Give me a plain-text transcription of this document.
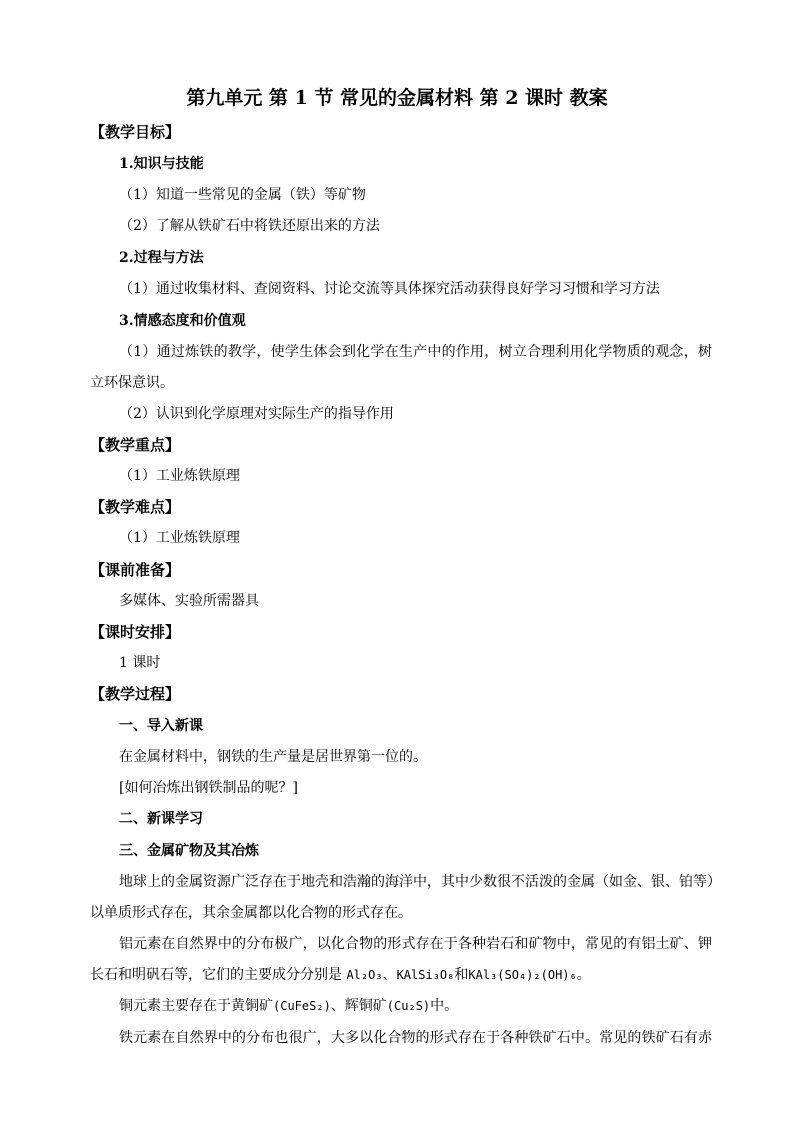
第九单元 第 1 节 常见的金属材料 第 2 课时 教案
【教学目标】
1.知识与技能
（1）知道一些常见的金属（铁）等矿物
（2）了解从铁矿石中将铁还原出来的方法
2.过程与方法
（1）通过收集材料、查阅资料、讨论交流等具体探究活动获得良好学习习惯和学习方法
3.情感态度和价值观
（1）通过炼铁的教学，使学生体会到化学在生产中的作用，树立合理利用化学物质的观念，树
立环保意识。
（2）认识到化学原理对实际生产的指导作用
【教学重点】
（1）工业炼铁原理
【教学难点】
（1）工业炼铁原理
【课前准备】
多媒体、实验所需器具
【课时安排】
1 课时
【教学过程】
一、导入新课
在金属材料中，钢铁的生产量是居世界第一位的。
[如何冶炼出钢铁制品的呢？]
二、新课学习
三、金属矿物及其冶炼
地球上的金属资源广泛存在于地壳和浩瀚的海洋中，其中少数很不活泼的金属（如金、银、铂等）
以单质形式存在，其余金属都以化合物的形式存在。
铝元素在自然界中的分布极广，以化合物的形式存在于各种岩石和矿物中，常见的有铝土矿、钾
长石和明矾石等，它们的主要成分分别是 Al₂O₃、KAlSi₃O₈和KAl₃(SO₄)₂(OH)₆。
铜元素主要存在于黄铜矿(CuFeS₂)、辉铜矿(Cu₂S)中。
铁元素在自然界中的分布也很广，大多以化合物的形式存在于各种铁矿石中。常见的铁矿石有赤
